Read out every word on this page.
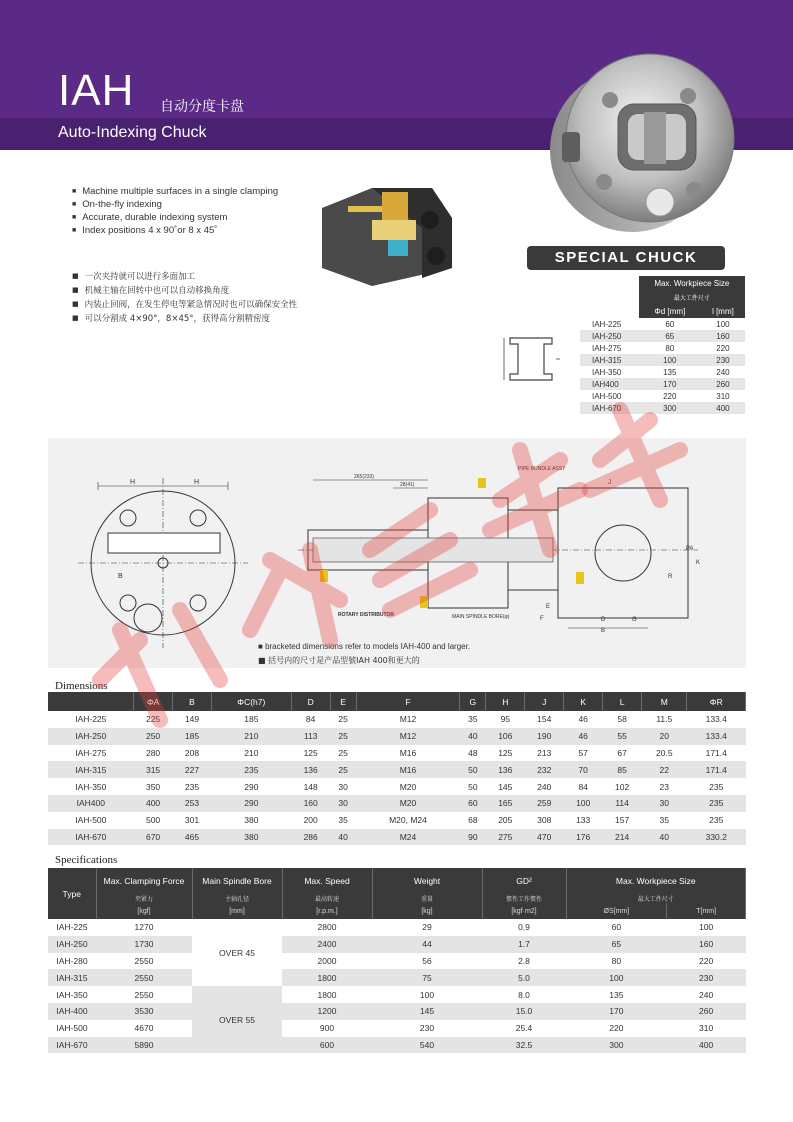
IAH 自动分度卡盘
Auto-Indexing Chuck
■ Machine multiple surfaces in a single clamping
■ On-the-fly indexing
■ Accurate, durable indexing system
■ Index positions 4 x 90˚or 8 x 45˚
■ 一次夹持就可以进行多面加工
■ 机械主轴在回转中也可以自动移换角度
■ 内装止回阀，在发生停电等紧急情况时也可以确保安全性
■ 可以分割成 4×90°，8×45°，获得高分割精密度
SPECIAL CHUCK
	Max. Workpiece Size	
	最大工件尺寸	
	Φd [mm]	l [mm]
IAH-225	60	100
IAH-250	65	160
IAH-275	80	220
IAH-315	100	230
IAH-350	135	240
IAH400	170	260
IAH-500	220	310
IAH-670	300	400
H	H
B
265(233)
28(41)
PIPE BUNDLE ASSY
ROTARY DISTRIBUTOR	MAIN SPINDLE BORE(φ)
J
D	G
E
F
B
K
R
PA
■ bracketed dimensions refer to models IAH-400 and larger.
■ 括号内的尺寸是产品型號IAH 400和更大的
Dimensions
	ΦA	B	ΦC(h7)	D	E	F	G	H	J	K	L	M	ΦR
IAH-225	225	149	185	84	25	M12	35	95	154	46	58	11.5	133.4
IAH-250	250	185	210	113	25	M12	40	106	190	46	55	20	133.4
IAH-275	280	208	210	125	25	M16	48	125	213	57	67	20.5	171.4
IAH-315	315	227	235	136	25	M16	50	136	232	70	85	22	171.4
IAH-350	350	235	290	148	30	M20	50	145	240	84	102	23	235
IAH400	400	253	290	160	30	M20	60	165	259	100	114	30	235
IAH-500	500	301	380	200	35	M20, M24	68	205	308	133	157	35	235
IAH-670	670	465	380	286	40	M24	90	275	470	176	214	40	330.2
Specifications
Type	Max. Clamping Force	Main Spindle Bore	Max. Speed	Weight	GD²	Max. Workpiece Size	
	夹紧力	主轴孔径	最高转速	重量	惯性工作惯性	最大工件尺寸	
	[kgf]	[mm]	[r.p.m.]	[kg]	[kgf·m2]	ØS[mm]	T[mm]
IAH-225	1270	OVER 45	2800	29	0.9	60	100
IAH-250	1730		2400	44	1.7	65	160
IAH-280	2550		2000	56	2.8	80	220
IAH-315	2550		1800	75	5.0	100	230
IAH-350	2550	OVER 55	1800	100	8.0	135	240
IAH-400	3530		1200	145	15.0	170	260
IAH-500	4670		900	230	25.4	220	310
IAH-670	5890		600	540	32.5	300	400
